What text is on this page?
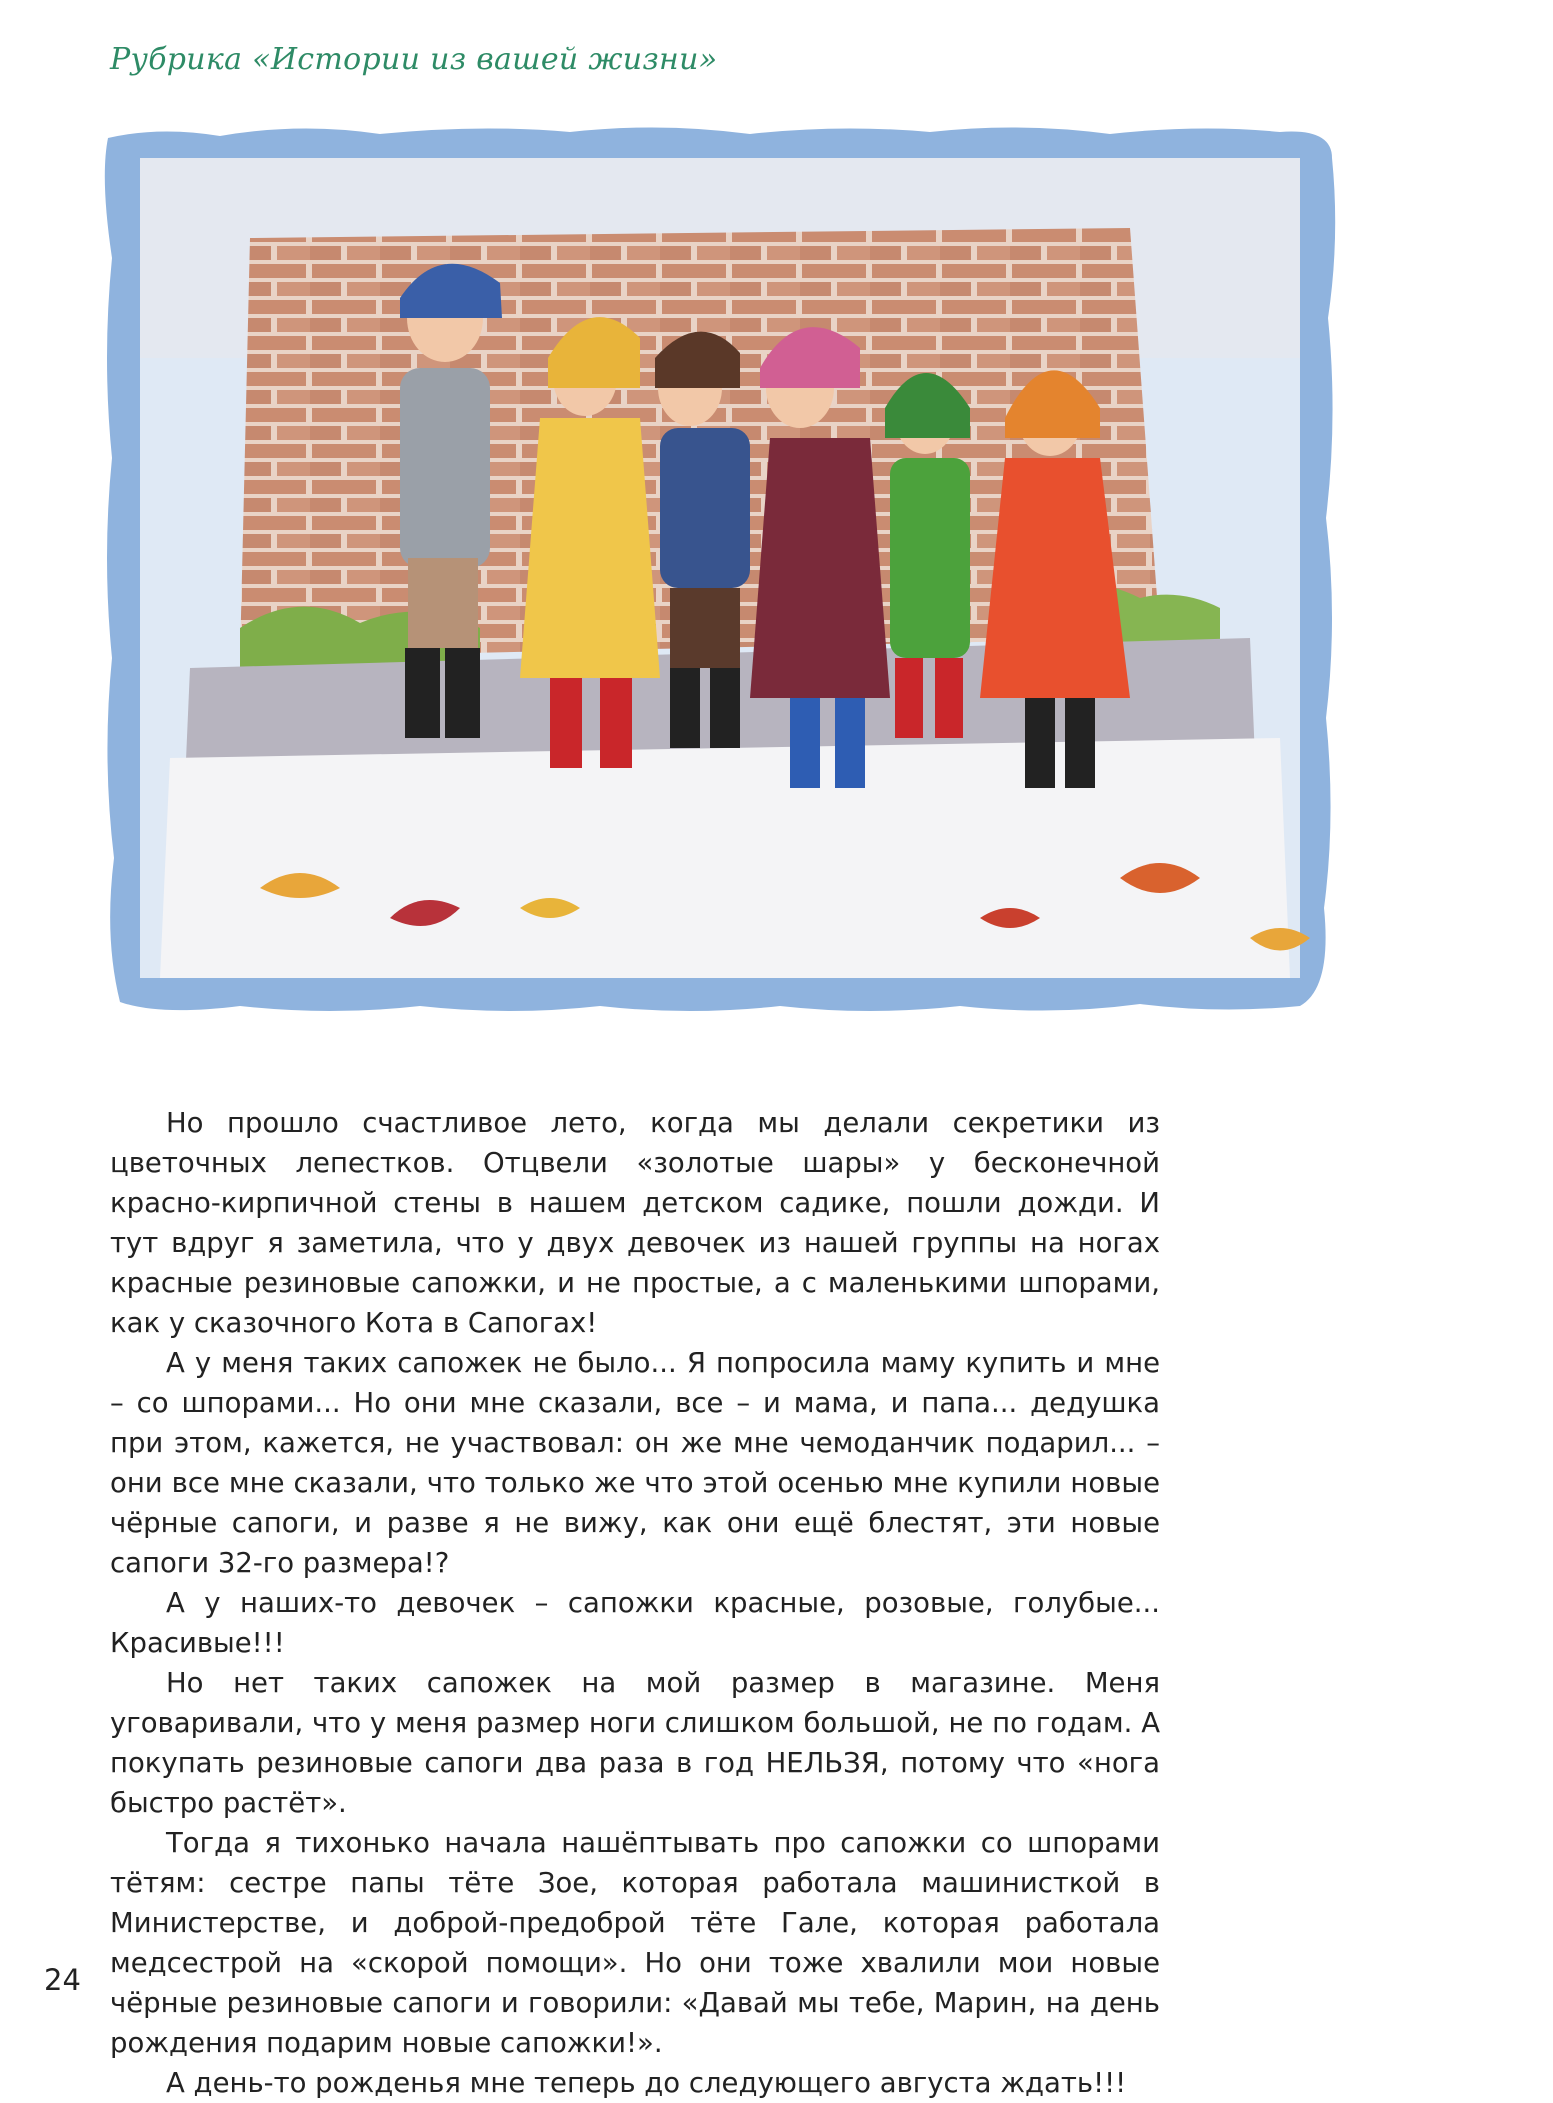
Рубрика «Истории из вашей жизни»

Но прошло счастливое лето, когда мы делали секретики из цветочных лепестков. Отцвели «золотые шары» у бесконечной красно-кирпичной стены в нашем детском садике, пошли дожди. И тут вдруг я заметила, что у двух девочек из нашей группы на ногах красные резиновые сапожки, и не простые, а с маленькими шпорами, как у сказочного Кота в Сапогах!

А у меня таких сапожек не было... Я попросила маму купить и мне – со шпорами... Но они мне сказали, все – и мама, и папа... дедушка при этом, кажется, не участвовал: он же мне чемоданчик подарил... – они все мне сказали, что только же что этой осенью мне купили новые чёрные сапоги, и разве я не вижу, как они ещё блестят, эти новые сапоги 32-го размера!?

А у наших-то девочек – сапожки красные, розовые, голубые... Красивые!!!

Но нет таких сапожек на мой размер в магазине. Меня уговаривали, что у меня размер ноги слишком большой, не по годам. А покупать резиновые сапоги два раза в год НЕЛЬЗЯ, потому что «нога быстро растёт».

Тогда я тихонько начала нашёптывать про сапожки со шпорами тётям: сестре папы тёте Зое, которая работала машинисткой в Министерстве, и доброй-предоброй тёте Гале, которая работала медсестрой на «скорой помощи». Но они тоже хвалили мои новые чёрные резиновые сапоги и говорили: «Давай мы тебе, Марин, на день рождения подарим новые сапожки!».

А день-то рожденья мне теперь до следующего августа ждать!!!

24
